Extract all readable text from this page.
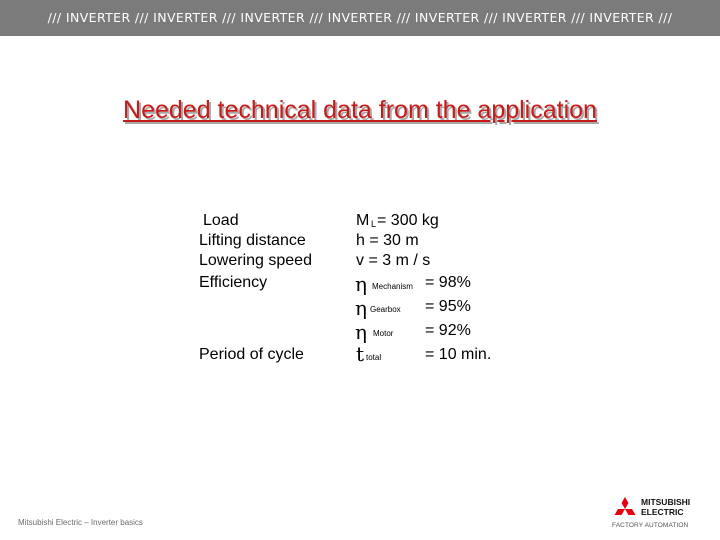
/// INVERTER /// INVERTER /// INVERTER /// INVERTER /// INVERTER /// INVERTER /// INVERTER ///
Needed technical data from the application
Load
Lifting distance
Lowering speed
Efficiency
Period of cycle
M L = 300 kg
h = 30 m
v = 3 m / s
η Mechanism = 98%
η Gearbox = 95%
η Motor = 92%
t total	= 10 min.
Mitsubishi Electric – Inverter basics
MITSUBISHI
ELECTRIC
FACTORY AUTOMATION
